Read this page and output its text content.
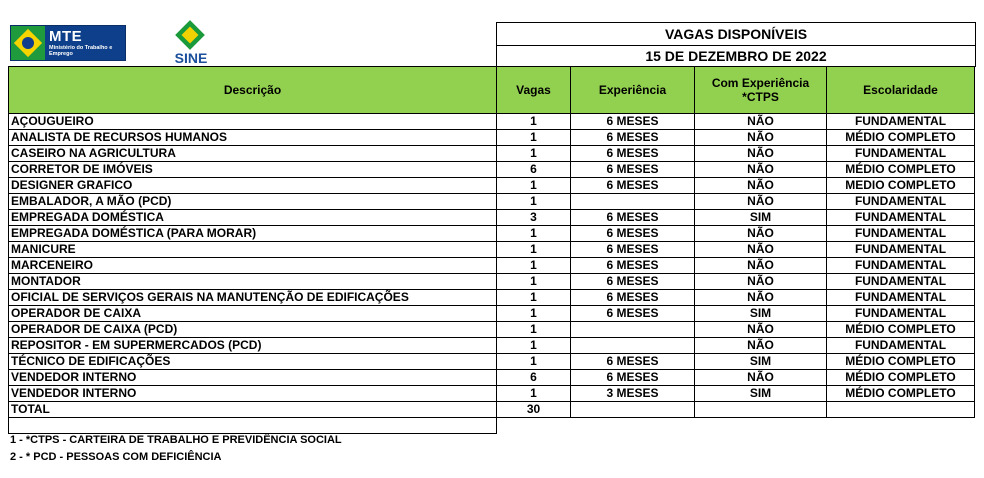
MTE
Ministério do Trabalho e Emprego	SINE
VAGAS DISPONÍVEIS
15 DE DEZEMBRO DE 2022
Descrição	Vagas	Experiência	Com Experiência *CTPS	Escolaridade
AÇOUGUEIRO	1	6 MESES	NÃO	FUNDAMENTAL
ANALISTA DE RECURSOS HUMANOS	1	6 MESES	NÃO	MÉDIO COMPLETO
CASEIRO NA AGRICULTURA	1	6 MESES	NÃO	FUNDAMENTAL
CORRETOR DE IMÓVEIS	6	6 MESES	NÃO	MÉDIO COMPLETO
DESIGNER GRAFICO	1	6 MESES	NÃO	MEDIO COMPLETO
EMBALADOR, A MÃO (PCD)	1		NÃO	FUNDAMENTAL
EMPREGADA DOMÉSTICA	3	6 MESES	SIM	FUNDAMENTAL
EMPREGADA DOMÉSTICA (PARA MORAR)	1	6 MESES	NÃO	FUNDAMENTAL
MANICURE	1	6 MESES	NÃO	FUNDAMENTAL
MARCENEIRO	1	6 MESES	NÃO	FUNDAMENTAL
MONTADOR	1	6 MESES	NÃO	FUNDAMENTAL
OFICIAL DE SERVIÇOS GERAIS NA MANUTENÇÃO DE EDIFICAÇÕES	1	6 MESES	NÃO	FUNDAMENTAL
OPERADOR DE CAIXA	1	6 MESES	SIM	FUNDAMENTAL
OPERADOR DE CAIXA (PCD)	1		NÃO	MÉDIO COMPLETO
REPOSITOR - EM SUPERMERCADOS (PCD)	1		NÃO	FUNDAMENTAL
TÉCNICO DE EDIFICAÇÕES	1	6 MESES	SIM	MÉDIO COMPLETO
VENDEDOR INTERNO	6	6 MESES	NÃO	MÉDIO COMPLETO
VENDEDOR INTERNO	1	3 MESES	SIM	MÉDIO COMPLETO
TOTAL	30			

1 - *CTPS - CARTEIRA DE TRABALHO E PREVIDÊNCIA SOCIAL
2 - * PCD - PESSOAS COM DEFICIÊNCIA
